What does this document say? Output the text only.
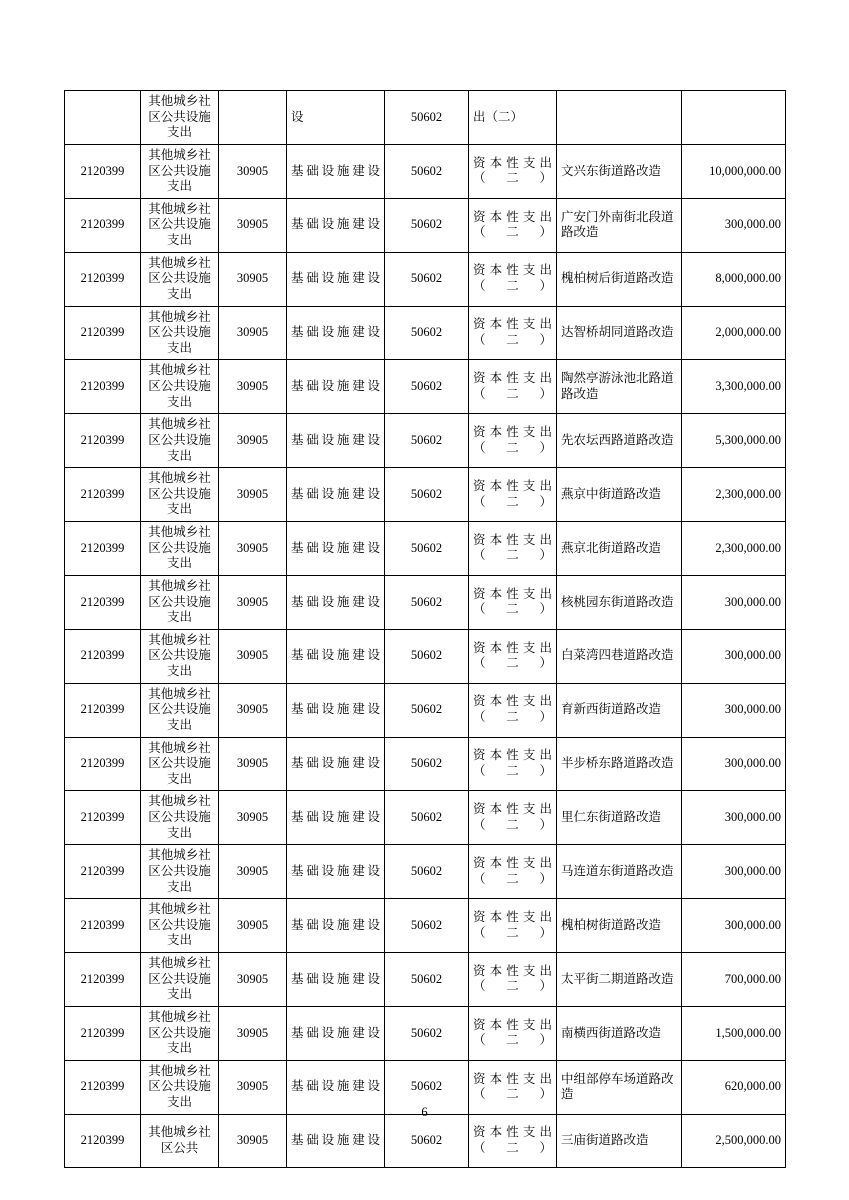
	其他城乡社区公共设施支出		设	50602	出（二）		
2120399	其他城乡社区公共设施支出	30905	基础设施建设	50602	资本性支出（二）	文兴东街道路改造	10,000,000.00
2120399	其他城乡社区公共设施支出	30905	基础设施建设	50602	资本性支出（二）	广安门外南街北段道路改造	300,000.00
2120399	其他城乡社区公共设施支出	30905	基础设施建设	50602	资本性支出（二）	槐柏树后街道路改造	8,000,000.00
2120399	其他城乡社区公共设施支出	30905	基础设施建设	50602	资本性支出（二）	达智桥胡同道路改造	2,000,000.00
2120399	其他城乡社区公共设施支出	30905	基础设施建设	50602	资本性支出（二）	陶然亭游泳池北路道路改造	3,300,000.00
2120399	其他城乡社区公共设施支出	30905	基础设施建设	50602	资本性支出（二）	先农坛西路道路改造	5,300,000.00
2120399	其他城乡社区公共设施支出	30905	基础设施建设	50602	资本性支出（二）	燕京中街道路改造	2,300,000.00
2120399	其他城乡社区公共设施支出	30905	基础设施建设	50602	资本性支出（二）	燕京北街道路改造	2,300,000.00
2120399	其他城乡社区公共设施支出	30905	基础设施建设	50602	资本性支出（二）	核桃园东街道路改造	300,000.00
2120399	其他城乡社区公共设施支出	30905	基础设施建设	50602	资本性支出（二）	白菜湾四巷道路改造	300,000.00
2120399	其他城乡社区公共设施支出	30905	基础设施建设	50602	资本性支出（二）	育新西街道路改造	300,000.00
2120399	其他城乡社区公共设施支出	30905	基础设施建设	50602	资本性支出（二）	半步桥东路道路改造	300,000.00
2120399	其他城乡社区公共设施支出	30905	基础设施建设	50602	资本性支出（二）	里仁东街道路改造	300,000.00
2120399	其他城乡社区公共设施支出	30905	基础设施建设	50602	资本性支出（二）	马连道东街道路改造	300,000.00
2120399	其他城乡社区公共设施支出	30905	基础设施建设	50602	资本性支出（二）	槐柏树街道路改造	300,000.00
2120399	其他城乡社区公共设施支出	30905	基础设施建设	50602	资本性支出（二）	太平街二期道路改造	700,000.00
2120399	其他城乡社区公共设施支出	30905	基础设施建设	50602	资本性支出（二）	南横西街道路改造	1,500,000.00
2120399	其他城乡社区公共设施支出	30905	基础设施建设	50602	资本性支出（二）	中组部停车场道路改造	620,000.00
2120399	其他城乡社区公共	30905	基础设施建设	50602	资本性支出（二）	三庙街道路改造	2,500,000.00
6
